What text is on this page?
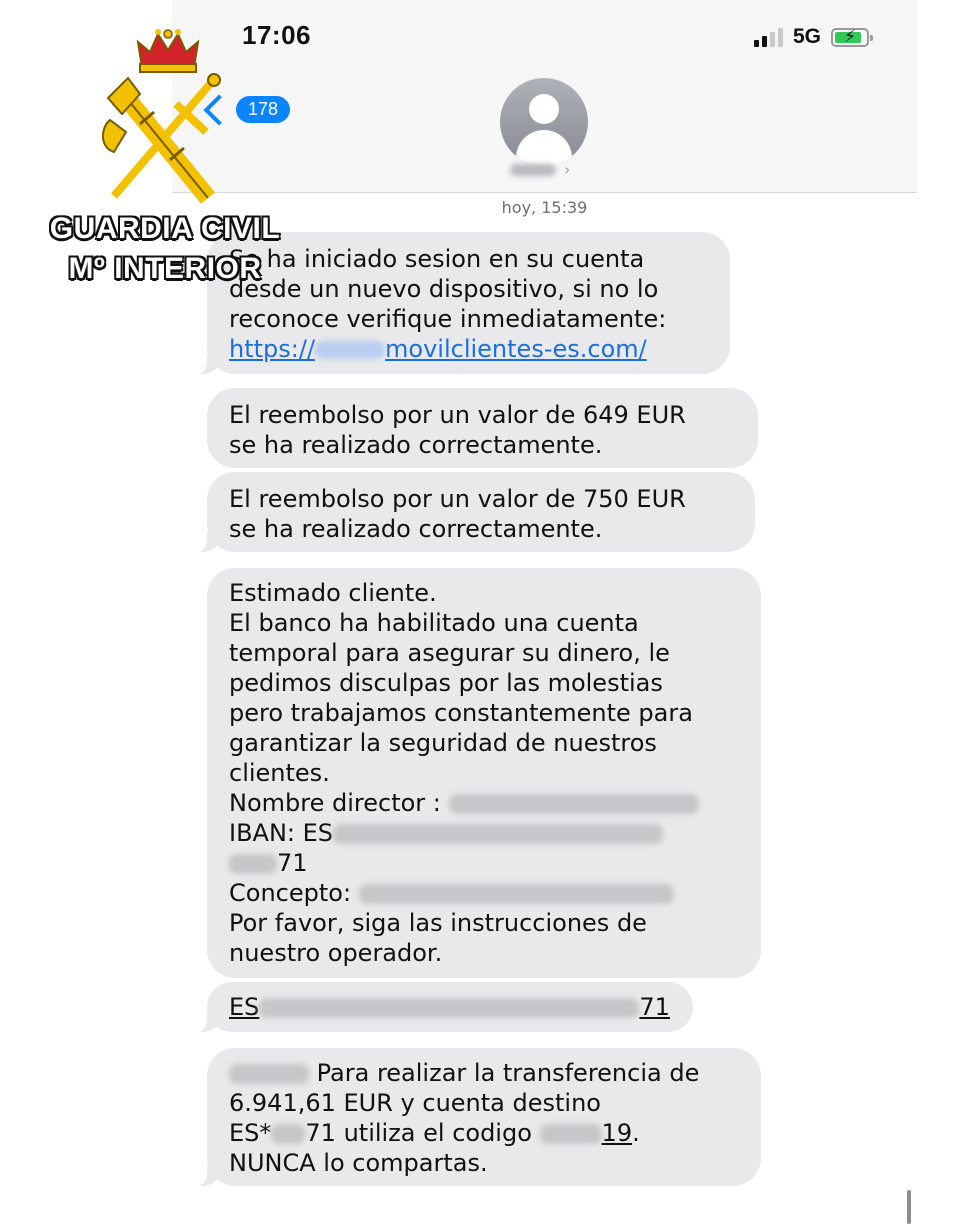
17:06	5G ⚡
178
›
hoy, 15:39
Se ha iniciado sesion en su cuenta
desde un nuevo dispositivo, si no lo
reconoce verifique inmediatamente:
https://	movilclientes-es.com/
El reembolso por un valor de 649 EUR
se ha realizado correctamente.
El reembolso por un valor de 750 EUR
se ha realizado correctamente.
Estimado cliente.
El banco ha habilitado una cuenta
temporal para asegurar su dinero, le
pedimos disculpas por las molestias
pero trabajamos constantemente para
garantizar la seguridad de nuestros
clientes.
Nombre director :
IBAN: ES
71
Concepto:
Por favor, siga las instrucciones de
nuestro operador.
ES	71
Para realizar la transferencia de
6.941,61 EUR y cuenta destino
ES* 71 utiliza el codigo	19.
NUNCA lo compartas.
GUARDIA CIVIL
Mº INTERIOR
